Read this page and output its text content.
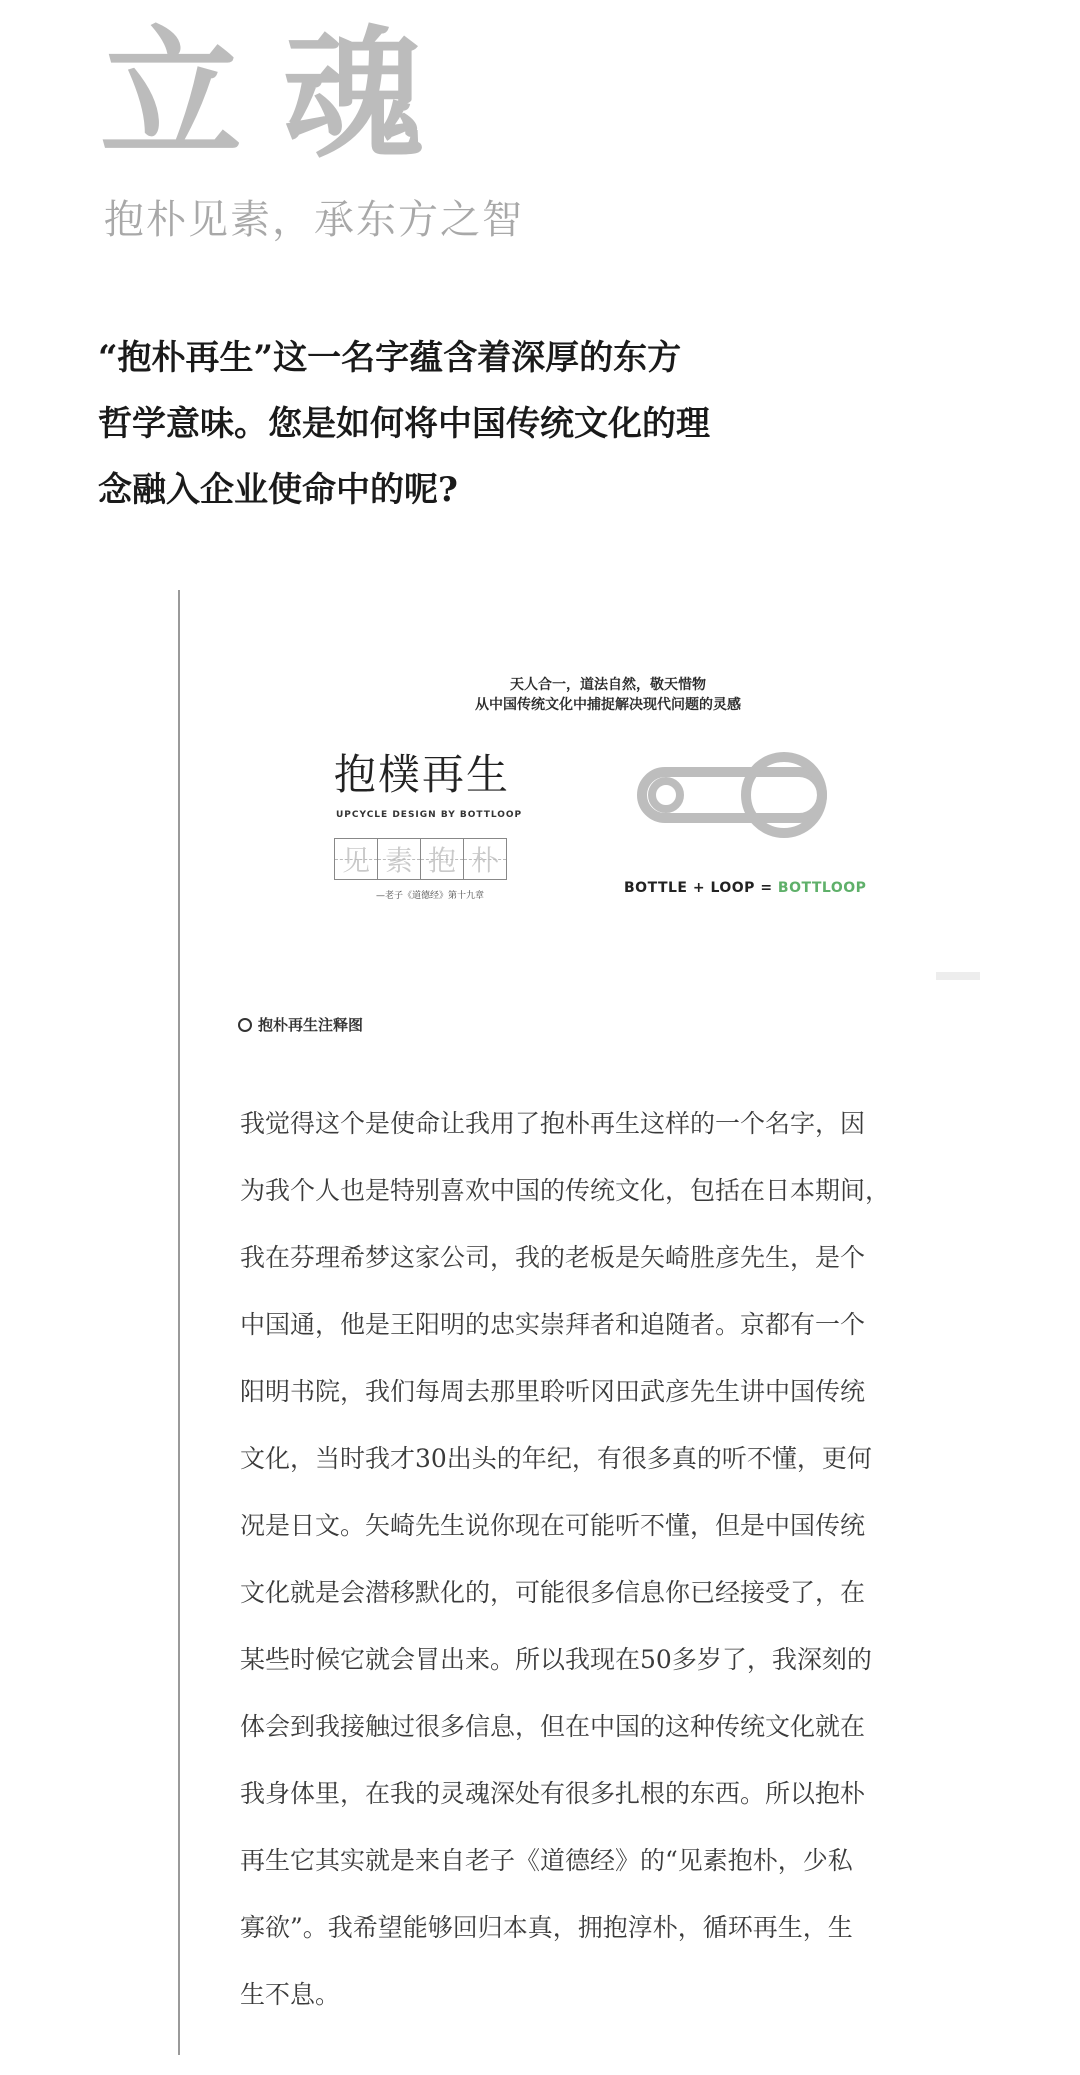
立魂

抱朴见素，承东方之智

“抱朴再生”这一名字蕴含着深厚的东方
哲学意味。您是如何将中国传统文化的理
念融入企业使命中的呢?
天人合一，道法自然，敬天惜物
从中国传统文化中捕捉解决现代问题的灵感
抱樸再生
UPCYCLE DESIGN BY BOTTLOOP
见 素 抱 朴
—老子《道德经》第十九章	BOTTLE + LOOP = BOTTLOOP
抱朴再生注释图
我觉得这个是使命让我用了抱朴再生这样的一个名字，因
为我个人也是特别喜欢中国的传统文化，包括在日本期间，
我在芬理希梦这家公司，我的老板是矢崎胜彦先生，是个
中国通，他是王阳明的忠实崇拜者和追随者。京都有一个
阳明书院，我们每周去那里聆听冈田武彦先生讲中国传统
文化，当时我才30出头的年纪，有很多真的听不懂，更何
况是日文。矢崎先生说你现在可能听不懂，但是中国传统
文化就是会潜移默化的，可能很多信息你已经接受了，在
某些时候它就会冒出来。所以我现在50多岁了，我深刻的
体会到我接触过很多信息，但在中国的这种传统文化就在
我身体里，在我的灵魂深处有很多扎根的东西。所以抱朴
再生它其实就是来自老子《道德经》的“见素抱朴，少私
寡欲”。我希望能够回归本真，拥抱淳朴，循环再生，生
生不息。
